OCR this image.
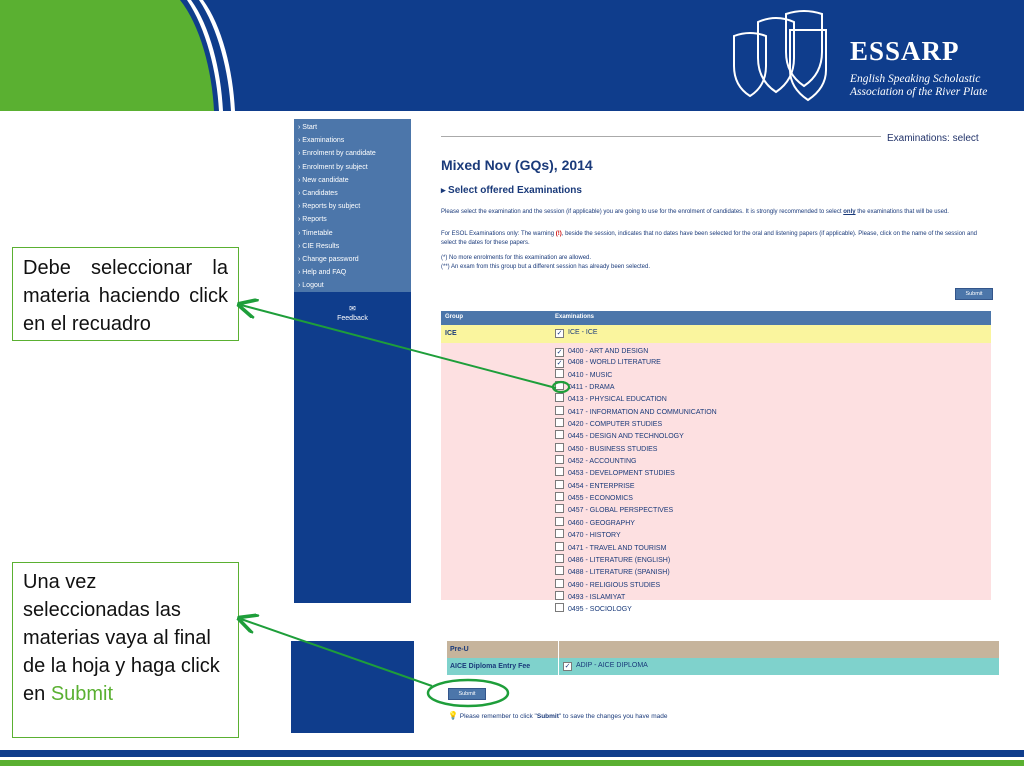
ESSARP
English Speaking Scholastic
Association of the River Plate
› Start
› Examinations
› Enrolment by candidate
› Enrolment by subject
› New candidate
› Candidates
› Reports by subject
› Reports
› Timetable
› CIE Results
› Change password
› Help and FAQ
› Logout
✉
Feedback
Examinations: select
Mixed Nov (GQs), 2014
▸ Select offered Examinations
Please select the examination and the session (if applicable) you are going to use for the enrolment of candidates. It is strongly recommended to select only the examinations that will be used.
For ESOL Examinations only: The warning (!), beside the session, indicates that no dates have been selected for the oral and listening papers (if applicable). Please, click on the name of the session and select the dates for these papers.
(*) No more enrolments for this examination are allowed.
(**) An exam from this group but a different session has already been selected.
Submit
Group	Examinations
ICE	✓ ICE - ICE
✓ 0400 - ART AND DESIGN
✓ 0408 - WORLD LITERATURE
0410 - MUSIC
0411 - DRAMA
0413 - PHYSICAL EDUCATION
0417 - INFORMATION AND COMMUNICATION
0420 - COMPUTER STUDIES
0445 - DESIGN AND TECHNOLOGY
0450 - BUSINESS STUDIES
0452 - ACCOUNTING
0453 - DEVELOPMENT STUDIES
0454 - ENTERPRISE
0455 - ECONOMICS
0457 - GLOBAL PERSPECTIVES
0460 - GEOGRAPHY
0470 - HISTORY
0471 - TRAVEL AND TOURISM
0486 - LITERATURE (ENGLISH)
0488 - LITERATURE (SPANISH)
0490 - RELIGIOUS STUDIES
0493 - ISLAMIYAT
0495 - SOCIOLOGY
Pre-U
AICE Diploma Entry Fee	✓ ADIP - AICE DIPLOMA
Submit
💡 Please remember to click "Submit" to save the changes you have made
Debe seleccionar la materia haciendo click en el recuadro
Una vez seleccionadas las materias vaya al final de la hoja y haga click en Submit
